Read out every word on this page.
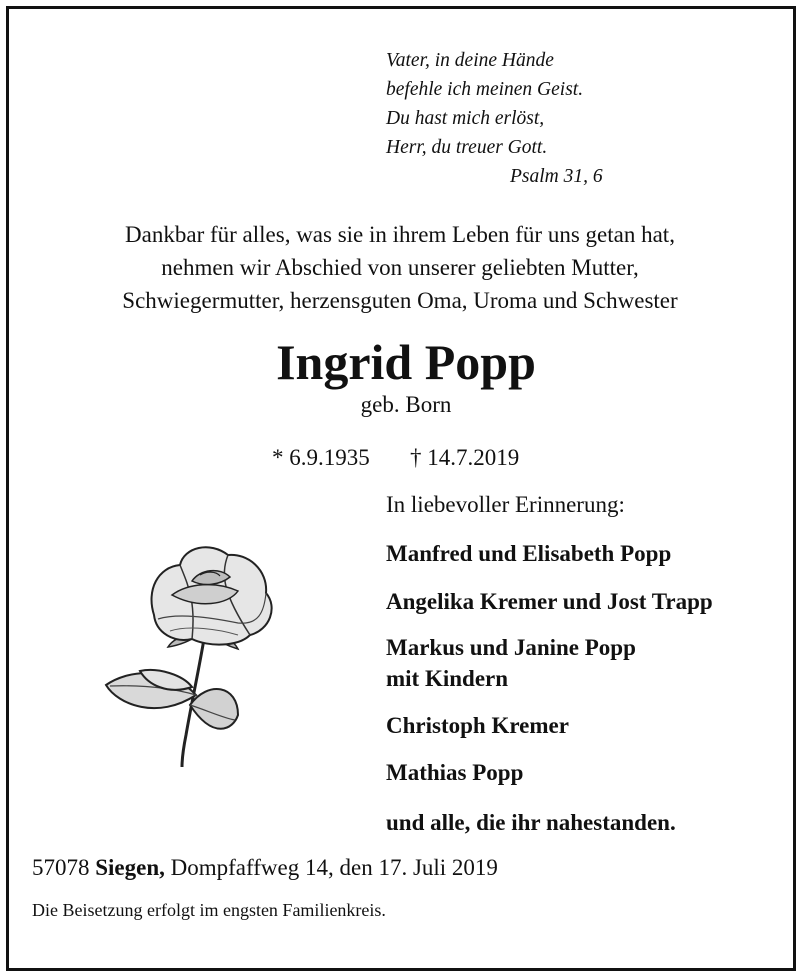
Vater, in deine Hände
befehle ich meinen Geist.
Du hast mich erlöst,
Herr, du treuer Gott.
Psalm 31, 6
Dankbar für alles, was sie in ihrem Leben für uns getan hat,
nehmen wir Abschied von unserer geliebten Mutter,
Schwiegermutter, herzensguten Oma, Uroma und Schwester
Ingrid Popp
geb. Born
* 6.9.1935 † 14.7.2019
In liebevoller Erinnerung:
Manfred und Elisabeth Popp
Angelika Kremer und Jost Trapp
Markus und Janine Popp
mit Kindern
Christoph Kremer
Mathias Popp
und alle, die ihr nahestanden.
57078 Siegen, Dompfaffweg 14, den 17. Juli 2019
Die Beisetzung erfolgt im engsten Familienkreis.
